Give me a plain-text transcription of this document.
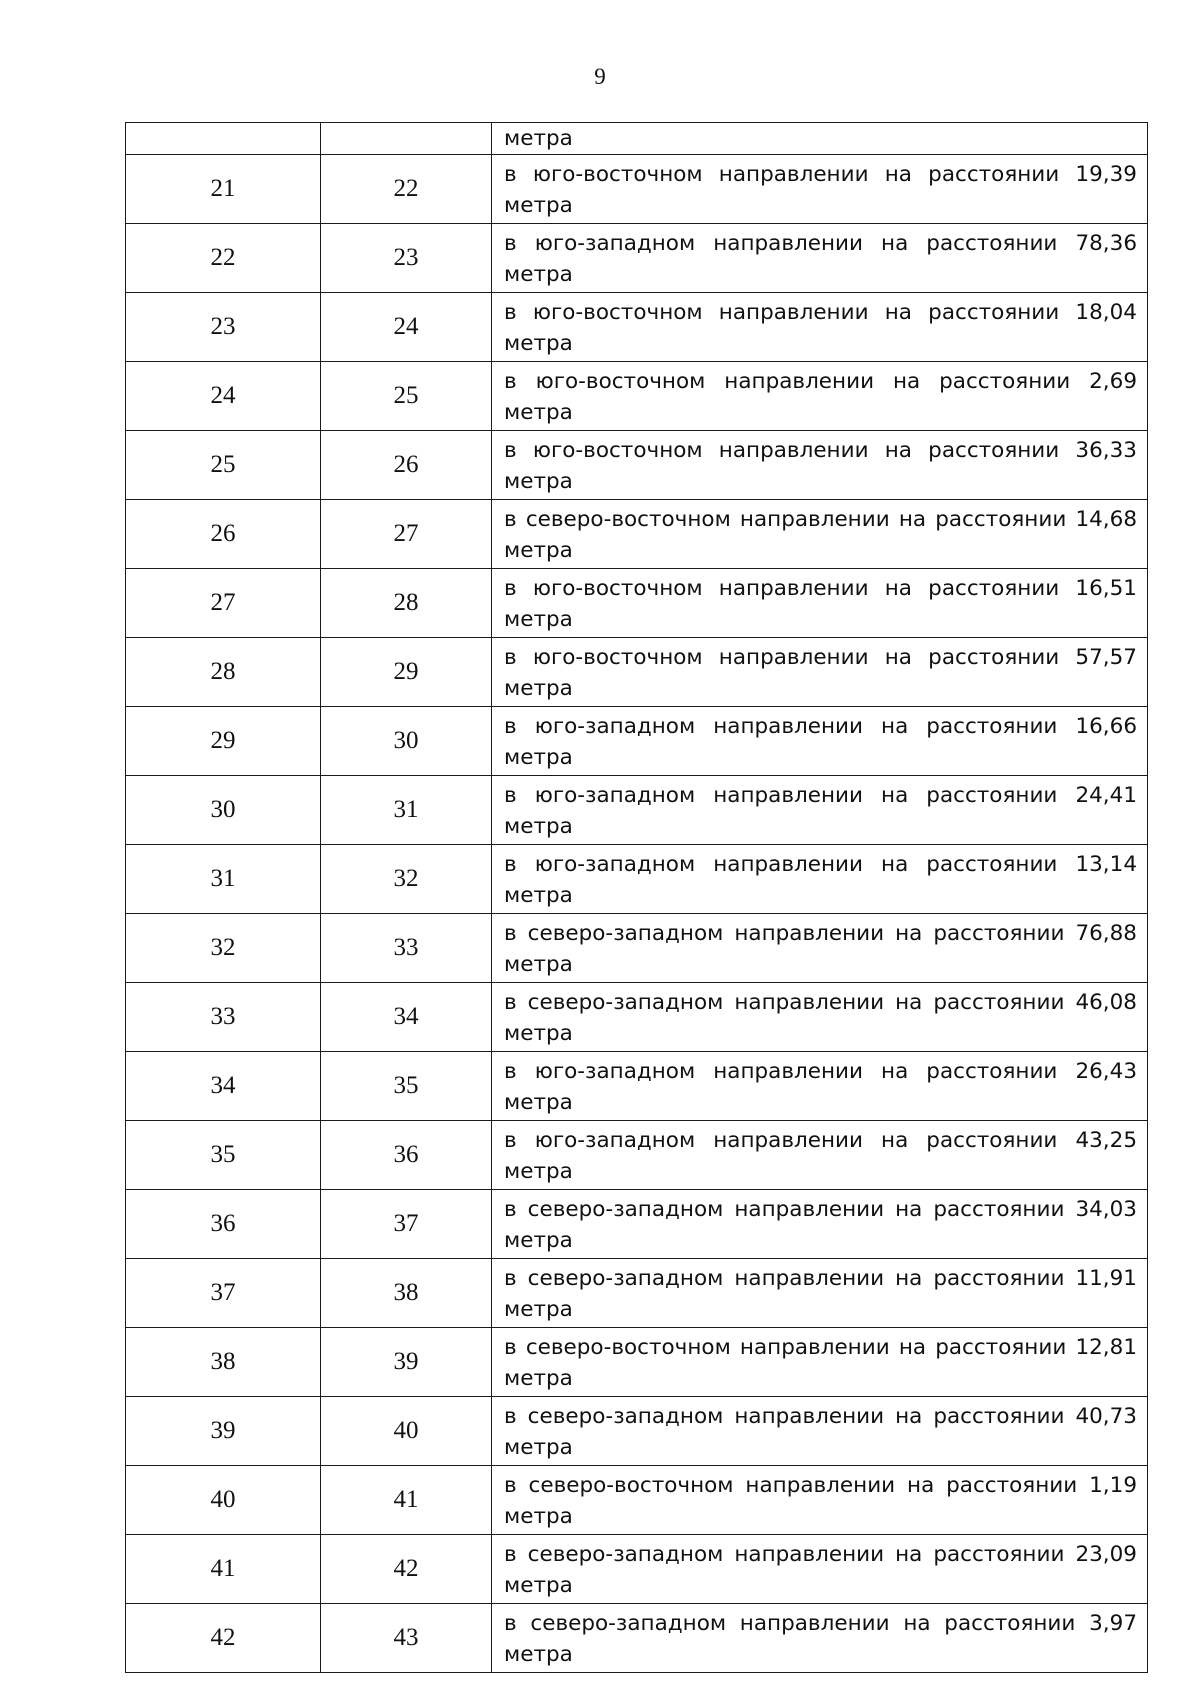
9

		метра

21	22	в юго-восточном направлении на расстоянии 19,39
метра

22	23	в юго-западном направлении на расстоянии 78,36
метра

23	24	в юго-восточном направлении на расстоянии 18,04
метра

24	25	в юго-восточном направлении на расстоянии 2,69
метра

25	26	в юго-восточном направлении на расстоянии 36,33
метра

26	27	в северо-восточном направлении на расстоянии 14,68
метра

27	28	в юго-восточном направлении на расстоянии 16,51
метра

28	29	в юго-восточном направлении на расстоянии 57,57
метра

29	30	в юго-западном направлении на расстоянии 16,66
метра

30	31	в юго-западном направлении на расстоянии 24,41
метра

31	32	в юго-западном направлении на расстоянии 13,14
метра

32	33	в северо-западном направлении на расстоянии 76,88
метра

33	34	в северо-западном направлении на расстоянии 46,08
метра

34	35	в юго-западном направлении на расстоянии 26,43
метра

35	36	в юго-западном направлении на расстоянии 43,25
метра

36	37	в северо-западном направлении на расстоянии 34,03
метра

37	38	в северо-западном направлении на расстоянии 11,91
метра

38	39	в северо-восточном направлении на расстоянии 12,81
метра

39	40	в северо-западном направлении на расстоянии 40,73
метра

40	41	в северо-восточном направлении на расстоянии 1,19
метра

41	42	в северо-западном направлении на расстоянии 23,09
метра

42	43	в северо-западном направлении на расстоянии 3,97
метра
